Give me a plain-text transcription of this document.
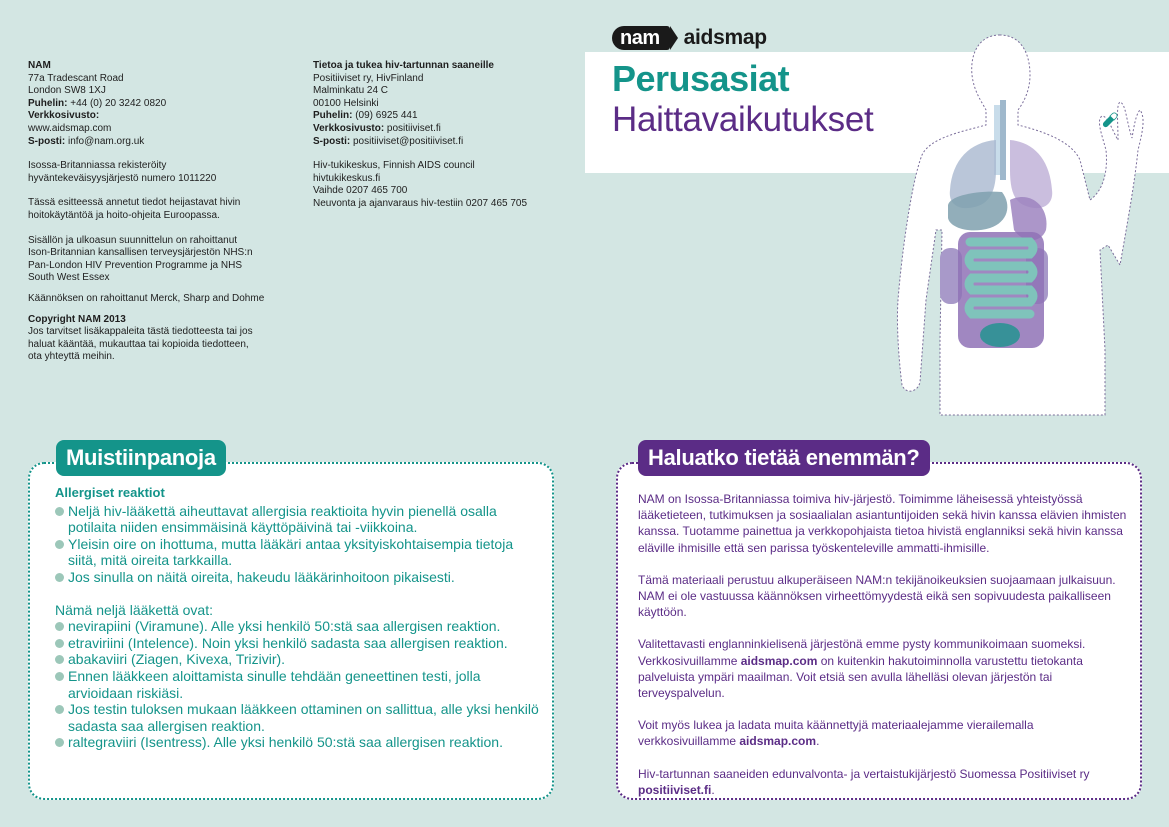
NAM
77a Tradescant Road
London SW8 1XJ
Puhelin: +44 (0) 20 3242 0820
Verkkosivusto:
www.aidsmap.com
S-posti: info@nam.org.uk
Isossa-Britanniassa rekisteröity
hyväntekeväisyysjärjestö numero 1011220
Tässä esitteessä annetut tiedot heijastavat hivin
hoitokäytäntöä ja hoito-ohjeita Euroopassa.
Sisällön ja ulkoasun suunnittelun on rahoittanut
Ison-Britannian kansallisen terveysjärjestön NHS:n
Pan-London HIV Prevention Programme ja NHS
South West Essex
Käännöksen on rahoittanut Merck, Sharp and Dohme
Copyright NAM 2013
Jos tarvitset lisäkappaleita tästä tiedotteesta tai jos
haluat kääntää, mukauttaa tai kopioida tiedotteen,
ota yhteyttä meihin.
Tietoa ja tukea hiv-tartunnan saaneille
Positiiviset ry, HivFinland
Malminkatu 24 C
00100 Helsinki
Puhelin: (09) 6925 441
Verkkosivusto: positiiviset.fi
S-posti: positiiviset@positiiviset.fi
Hiv-tukikeskus, Finnish AIDS council
hivtukikeskus.fi
Vaihde 0207 465 700
Neuvonta ja ajanvaraus hiv-testiin 0207 465 705
nam	aidsmap
Perusasiat
Haittavaikutukset
Muistiinpanoja
Allergiset reaktiot
Neljä hiv-lääkettä aiheuttavat allergisia reaktioita hyvin pienellä osalla potilaita niiden ensimmäisinä käyttöpäivinä tai -viikkoina.
Yleisin oire on ihottuma, mutta lääkäri antaa yksityiskohtaisempia tietoja siitä, mitä oireita tarkkailla.
Jos sinulla on näitä oireita, hakeudu lääkärinhoitoon pikaisesti.
Nämä neljä lääkettä ovat:
nevirapiini (Viramune). Alle yksi henkilö 50:stä saa allergisen reaktion.
etraviriini (Intelence). Noin yksi henkilö sadasta saa allergisen reaktion.
abakaviiri (Ziagen, Kivexa, Trizivir).
Ennen lääkkeen aloittamista sinulle tehdään geneettinen testi, jolla arvioidaan riskiäsi.
Jos testin tuloksen mukaan lääkkeen ottaminen on sallittua, alle yksi henkilö sadasta saa allergisen reaktion.
raltegraviiri (Isentress). Alle yksi henkilö 50:stä saa allergisen reaktion.
Haluatko tietää enemmän?

NAM on Isossa-Britanniassa toimiva hiv-järjestö. Toimimme läheisessä yhteistyössä lääketieteen, tutkimuksen ja sosiaalialan asiantuntijoiden sekä hivin kanssa elävien ihmisten kanssa. Tuotamme painettua ja verkkopohjaista tietoa hivistä englanniksi sekä hivin kanssa eläville ihmisille että sen parissa työskenteleville ammatti-ihmisille.

Tämä materiaali perustuu alkuperäiseen NAM:n tekijänoikeuksien suojaamaan julkaisuun. NAM ei ole vastuussa käännöksen virheettömyydestä eikä sen sopivuudesta paikalliseen käyttöön.

Valitettavasti englanninkielisenä järjestönä emme pysty kommunikoimaan suomeksi. Verkkosivuillamme aidsmap.com on kuitenkin hakutoiminnolla varustettu tietokanta palveluista ympäri maailman. Voit etsiä sen avulla lähelläsi olevan järjestön tai terveyspalvelun.

Voit myös lukea ja ladata muita käännettyjä materiaalejamme vierailemalla verkkosivuillamme aidsmap.com.

Hiv-tartunnan saaneiden edunvalvonta- ja vertaistukijärjestö Suomessa Positiiviset ry positiiviset.fi.
